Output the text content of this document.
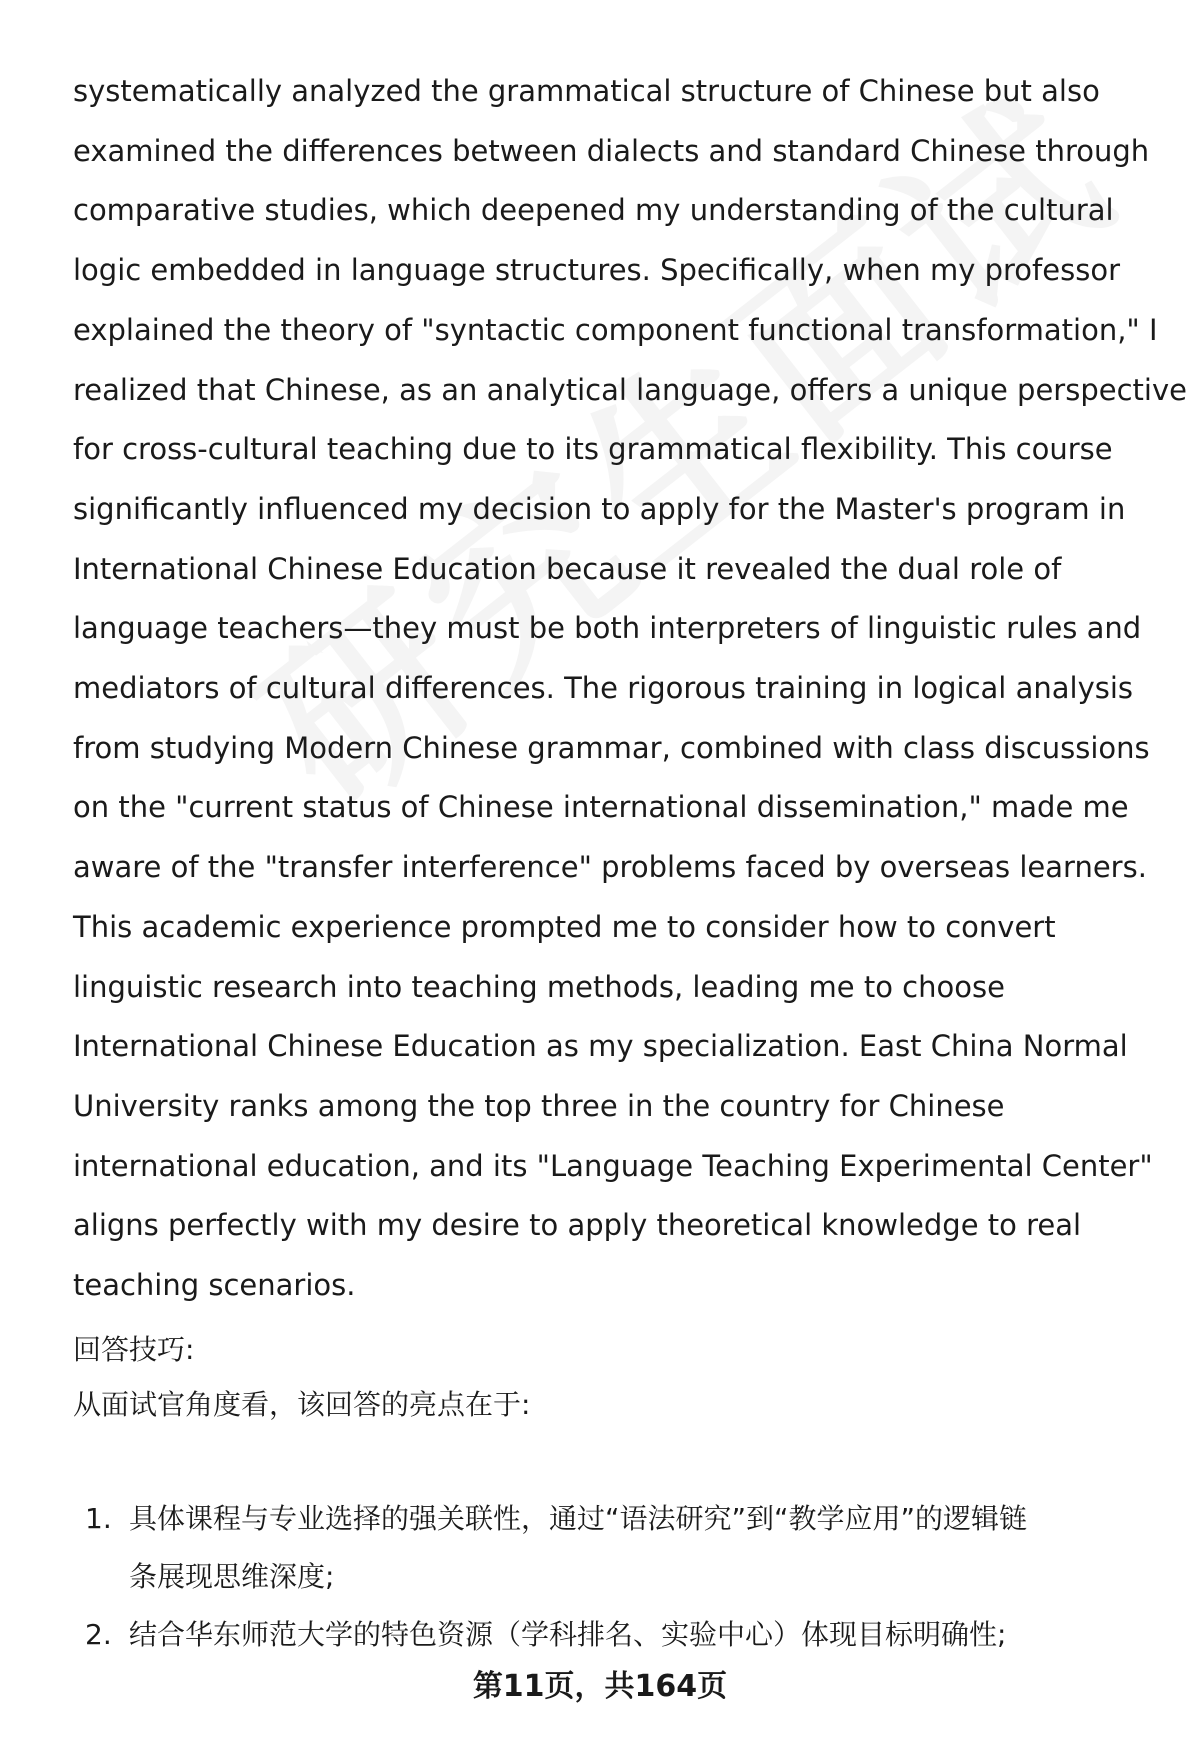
systematically analyzed the grammatical structure of Chinese but also
examined the differences between dialects and standard Chinese through
comparative studies, which deepened my understanding of the cultural
logic embedded in language structures. Specifically, when my professor
explained the theory of "syntactic component functional transformation," I
realized that Chinese, as an analytical language, offers a unique perspective
for cross-cultural teaching due to its grammatical flexibility. This course
significantly influenced my decision to apply for the Master's program in
International Chinese Education because it revealed the dual role of
language teachers—they must be both interpreters of linguistic rules and
mediators of cultural differences. The rigorous training in logical analysis
from studying Modern Chinese grammar, combined with class discussions
on the "current status of Chinese international dissemination," made me
aware of the "transfer interference" problems faced by overseas learners.
This academic experience prompted me to consider how to convert
linguistic research into teaching methods, leading me to choose
International Chinese Education as my specialization. East China Normal
University ranks among the top three in the country for Chinese
international education, and its "Language Teaching Experimental Center"
aligns perfectly with my desire to apply theoretical knowledge to real
teaching scenarios.

回答技巧:

从面试官角度看，该回答的亮点在于:

1. 具体课程与专业选择的强关联性，通过“语法研究”到“教学应用”的逻辑链
条展现思维深度;
2. 结合华东师范大学的特色资源（学科排名、实验中心）体现目标明确性;

第11页，共164页
